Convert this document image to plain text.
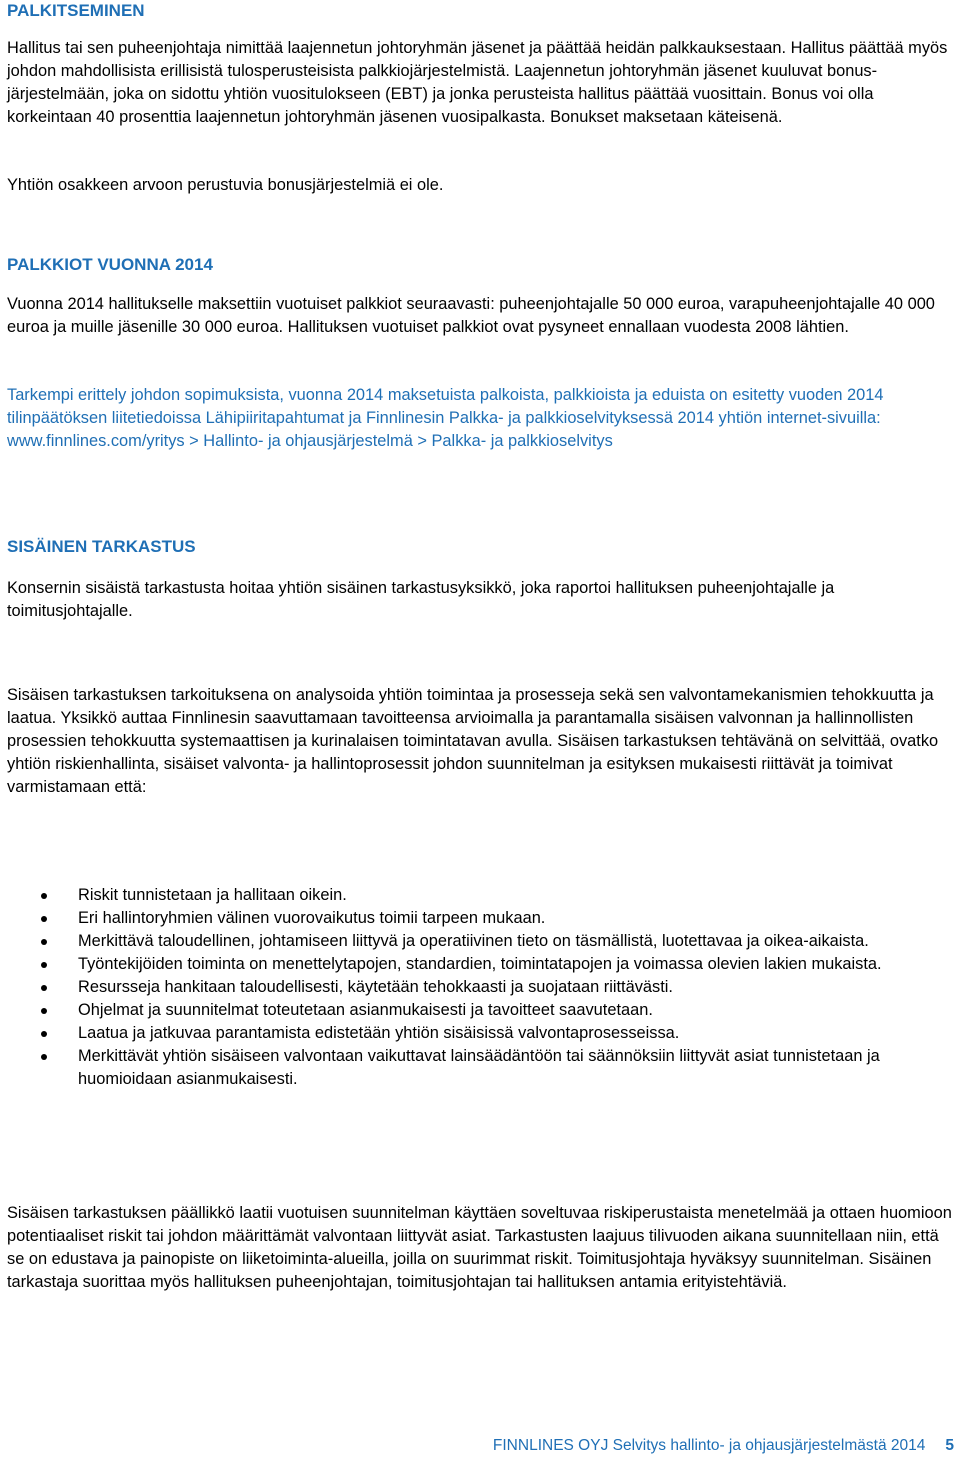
PALKITSEMINEN

Hallitus tai sen puheenjohtaja nimittää laajennetun johtoryhmän jäsenet ja päättää heidän palkkauksestaan. Hallitus päättää myös johdon mahdollisista erillisistä tulosperusteisista palkkiojärjestelmistä. Laajennetun johtoryhmän jäsenet kuuluvat bonus-järjestelmään, joka on sidottu yhtiön vuositulokseen (EBT) ja jonka perusteista hallitus päättää vuosittain. Bonus voi olla korkeintaan 40 prosenttia laajennetun johtoryhmän jäsenen vuosipalkasta. Bonukset maksetaan käteisenä.

Yhtiön osakkeen arvoon perustuvia bonusjärjestelmiä ei ole.

PALKKIOT VUONNA 2014

Vuonna 2014 hallitukselle maksettiin vuotuiset palkkiot seuraavasti: puheenjohtajalle 50 000 euroa, varapuheenjohtajalle 40 000 euroa ja muille jäsenille 30 000 euroa. Hallituksen vuotuiset palkkiot ovat pysyneet ennallaan vuodesta 2008 lähtien.

Tarkempi erittely johdon sopimuksista, vuonna 2014 maksetuista palkoista, palkkioista ja eduista on esitetty vuoden 2014 tilinpäätöksen liitetiedoissa Lähipiiritapahtumat ja Finnlinesin Palkka- ja palkkioselvityksessä 2014 yhtiön internet-sivuilla:

www.finnlines.com/yritys > Hallinto- ja ohjausjärjestelmä > Palkka- ja palkkioselvitys

SISÄINEN TARKASTUS

Konsernin sisäistä tarkastusta hoitaa yhtiön sisäinen tarkastusyksikkö, joka raportoi hallituksen puheenjohtajalle ja toimitusjohtajalle.

Sisäisen tarkastuksen tarkoituksena on analysoida yhtiön toimintaa ja prosesseja sekä sen valvontamekanismien tehokkuutta ja laatua. Yksikkö auttaa Finnlinesin saavuttamaan tavoitteensa arvioimalla ja parantamalla sisäisen valvonnan ja hallinnollisten prosessien tehokkuutta systemaattisen ja kurinalaisen toimintatavan avulla. Sisäisen tarkastuksen tehtävänä on selvittää, ovatko yhtiön riskienhallinta, sisäiset valvonta- ja hallintoprosessit johdon suunnitelman ja esityksen mukaisesti riittävät ja toimivat varmistamaan että:

Riskit tunnistetaan ja hallitaan oikein.
Eri hallintoryhmien välinen vuorovaikutus toimii tarpeen mukaan.
Merkittävä taloudellinen, johtamiseen liittyvä ja operatiivinen tieto on täsmällistä, luotettavaa ja oikea-aikaista.
Työntekijöiden toiminta on menettelytapojen, standardien, toimintatapojen ja voimassa olevien lakien mukaista.
Resursseja hankitaan taloudellisesti, käytetään tehokkaasti ja suojataan riittävästi.
Ohjelmat ja suunnitelmat toteutetaan asianmukaisesti ja tavoitteet saavutetaan.
Laatua ja jatkuvaa parantamista edistetään yhtiön sisäisissä valvontaprosesseissa.
Merkittävät yhtiön sisäiseen valvontaan vaikuttavat lainsäädäntöön tai säännöksiin liittyvät asiat tunnistetaan ja huomioidaan asianmukaisesti.

Sisäisen tarkastuksen päällikkö laatii vuotuisen suunnitelman käyttäen soveltuvaa riskiperustaista menetelmää ja ottaen huomioon potentiaaliset riskit tai johdon määrittämät valvontaan liittyvät asiat. Tarkastusten laajuus tilivuoden aikana suunnitellaan niin, että se on edustava ja painopiste on liiketoiminta-alueilla, joilla on suurimmat riskit. Toimitusjohtaja hyväksyy suunnitelman. Sisäinen tarkastaja suorittaa myös hallituksen puheenjohtajan, toimitusjohtajan tai hallituksen antamia erityistehtäviä.

FINNLINES OYJ Selvitys hallinto- ja ohjausjärjestelmästä 2014 5
